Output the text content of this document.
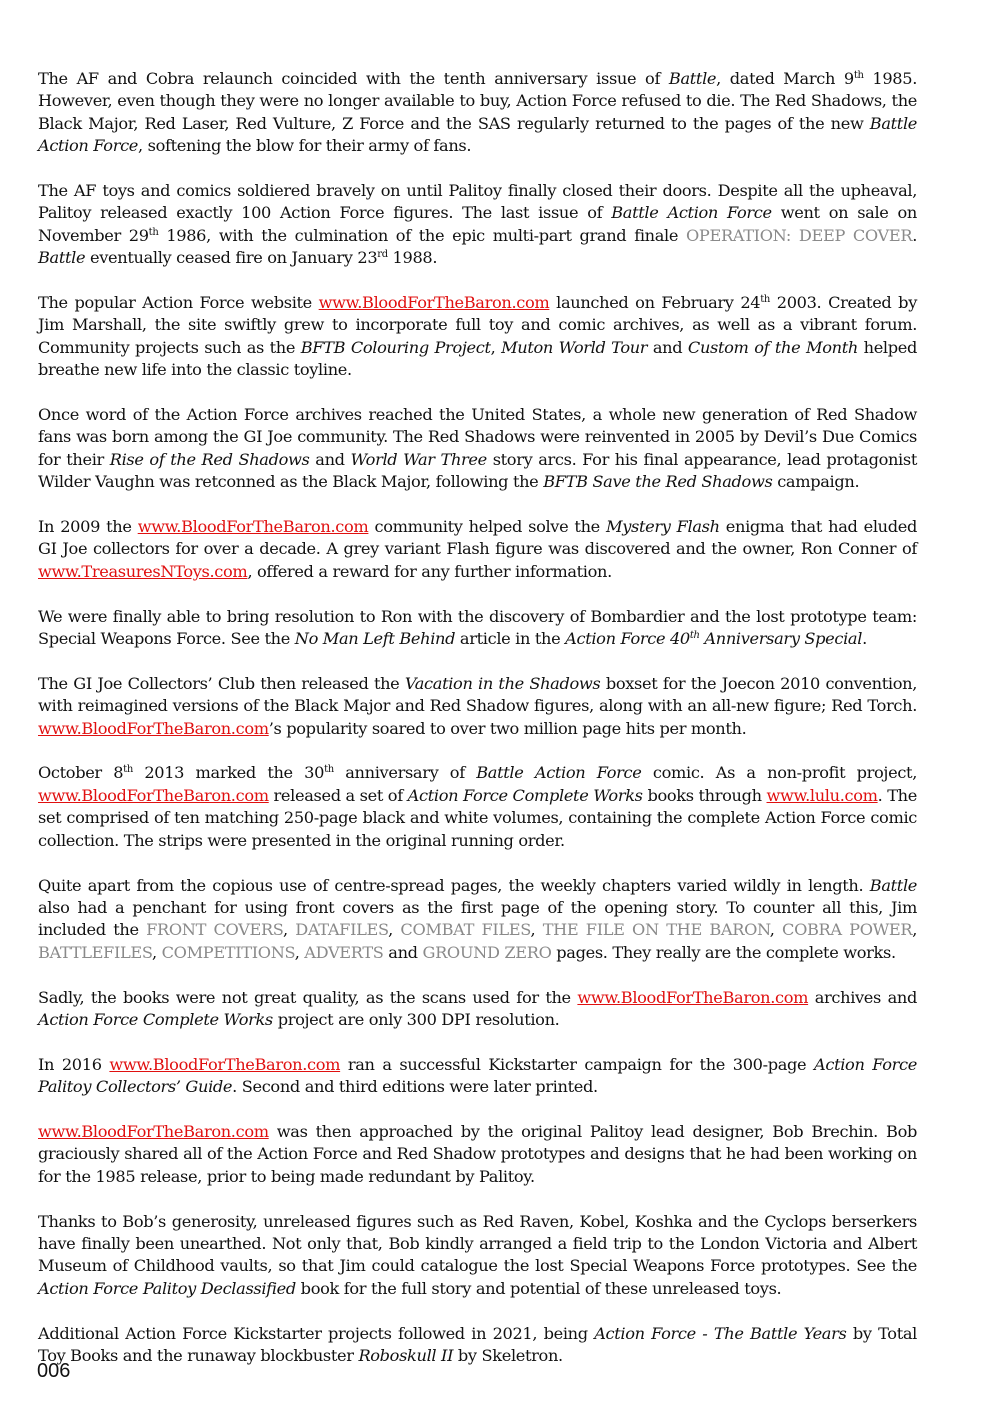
The AF and Cobra relaunch coincided with the tenth anniversary issue of Battle, dated March 9th 1985. However, even though they were no longer available to buy, Action Force refused to die. The Red Shadows, the Black Major, Red Laser, Red Vulture, Z Force and the SAS regularly returned to the pages of the new Battle Action Force, softening the blow for their army of fans.

The AF toys and comics soldiered bravely on until Palitoy finally closed their doors. Despite all the upheaval, Palitoy released exactly 100 Action Force figures. The last issue of Battle Action Force went on sale on November 29th 1986, with the culmination of the epic multi-part grand finale OPERATION: DEEP COVER. Battle eventually ceased fire on January 23rd 1988.

The popular Action Force website www.BloodForTheBaron.com launched on February 24th 2003. Created by Jim Marshall, the site swiftly grew to incorporate full toy and comic archives, as well as a vibrant forum. Community projects such as the BFTB Colouring Project, Muton World Tour and Custom of the Month helped breathe new life into the classic toyline.

Once word of the Action Force archives reached the United States, a whole new generation of Red Shadow fans was born among the GI Joe community. The Red Shadows were reinvented in 2005 by Devil’s Due Comics for their Rise of the Red Shadows and World War Three story arcs. For his final appearance, lead protagonist Wilder Vaughn was retconned as the Black Major, following the BFTB Save the Red Shadows campaign.

In 2009 the www.BloodForTheBaron.com community helped solve the Mystery Flash enigma that had eluded GI Joe collectors for over a decade. A grey variant Flash figure was discovered and the owner, Ron Conner of www.TreasuresNToys.com, offered a reward for any further information.

We were finally able to bring resolution to Ron with the discovery of Bombardier and the lost prototype team: Special Weapons Force. See the No Man Left Behind article in the Action Force 40th Anniversary Special.

The GI Joe Collectors’ Club then released the Vacation in the Shadows boxset for the Joecon 2010 convention, with reimagined versions of the Black Major and Red Shadow figures, along with an all-new figure; Red Torch. www.BloodForTheBaron.com’s popularity soared to over two million page hits per month.

October 8th 2013 marked the 30th anniversary of Battle Action Force comic. As a non-profit project, www.BloodForTheBaron.com released a set of Action Force Complete Works books through www.lulu.com. The set comprised of ten matching 250-page black and white volumes, containing the complete Action Force comic collection. The strips were presented in the original running order.

Quite apart from the copious use of centre-spread pages, the weekly chapters varied wildly in length. Battle also had a penchant for using front covers as the first page of the opening story. To counter all this, Jim included the FRONT COVERS, DATAFILES, COMBAT FILES, THE FILE ON THE BARON, COBRA POWER, BATTLEFILES, COMPETITIONS, ADVERTS and GROUND ZERO pages. They really are the complete works.

Sadly, the books were not great quality, as the scans used for the www.BloodForTheBaron.com archives and Action Force Complete Works project are only 300 DPI resolution.

In 2016 www.BloodForTheBaron.com ran a successful Kickstarter campaign for the 300-page Action Force Palitoy Collectors’ Guide. Second and third editions were later printed.

www.BloodForTheBaron.com was then approached by the original Palitoy lead designer, Bob Brechin. Bob graciously shared all of the Action Force and Red Shadow prototypes and designs that he had been working on for the 1985 release, prior to being made redundant by Palitoy.

Thanks to Bob’s generosity, unreleased figures such as Red Raven, Kobel, Koshka and the Cyclops berserkers have finally been unearthed. Not only that, Bob kindly arranged a field trip to the London Victoria and Albert Museum of Childhood vaults, so that Jim could catalogue the lost Special Weapons Force prototypes. See the Action Force Palitoy Declassified book for the full story and potential of these unreleased toys.

Additional Action Force Kickstarter projects followed in 2021, being Action Force - The Battle Years by Total Toy Books and the runaway blockbuster Roboskull II by Skeletron.

006
